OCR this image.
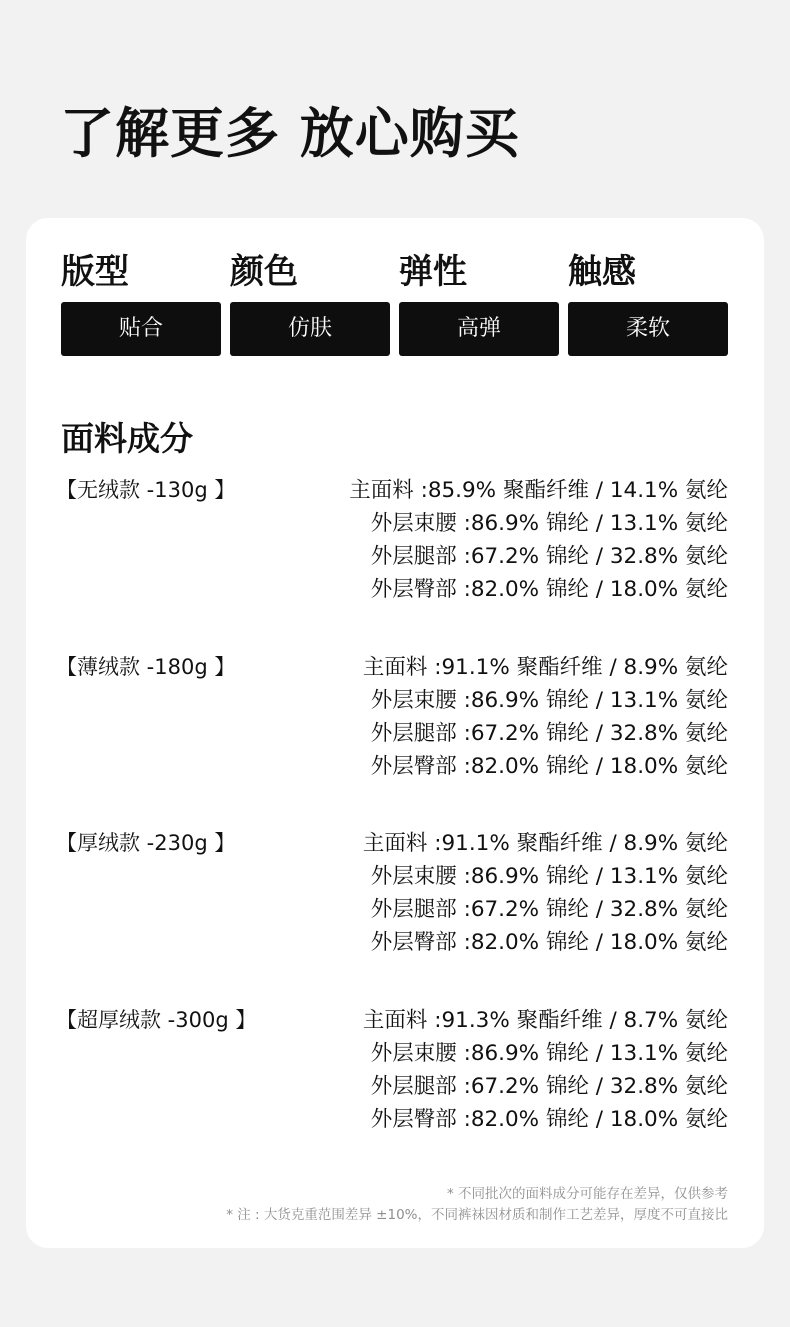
了解更多 放心购买
版型
贴合
颜色
仿肤
弹性
高弹
触感
柔软
面料成分
【无绒款 -130g 】	主面料 :85.9% 聚酯纤维 / 14.1% 氨纶
外层束腰 :86.9% 锦纶 / 13.1% 氨纶
外层腿部 :67.2% 锦纶 / 32.8% 氨纶
外层臀部 :82.0% 锦纶 / 18.0% 氨纶
【薄绒款 -180g 】	主面料 :91.1% 聚酯纤维 / 8.9% 氨纶
外层束腰 :86.9% 锦纶 / 13.1% 氨纶
外层腿部 :67.2% 锦纶 / 32.8% 氨纶
外层臀部 :82.0% 锦纶 / 18.0% 氨纶
【厚绒款 -230g 】	主面料 :91.1% 聚酯纤维 / 8.9% 氨纶
外层束腰 :86.9% 锦纶 / 13.1% 氨纶
外层腿部 :67.2% 锦纶 / 32.8% 氨纶
外层臀部 :82.0% 锦纶 / 18.0% 氨纶
【超厚绒款 -300g 】	主面料 :91.3% 聚酯纤维 / 8.7% 氨纶
外层束腰 :86.9% 锦纶 / 13.1% 氨纶
外层腿部 :67.2% 锦纶 / 32.8% 氨纶
外层臀部 :82.0% 锦纶 / 18.0% 氨纶
* 不同批次的面料成分可能存在差异，仅供参考
* 注 : 大货克重范围差异 ±10%，不同裤袜因材质和制作工艺差异，厚度不可直接比
